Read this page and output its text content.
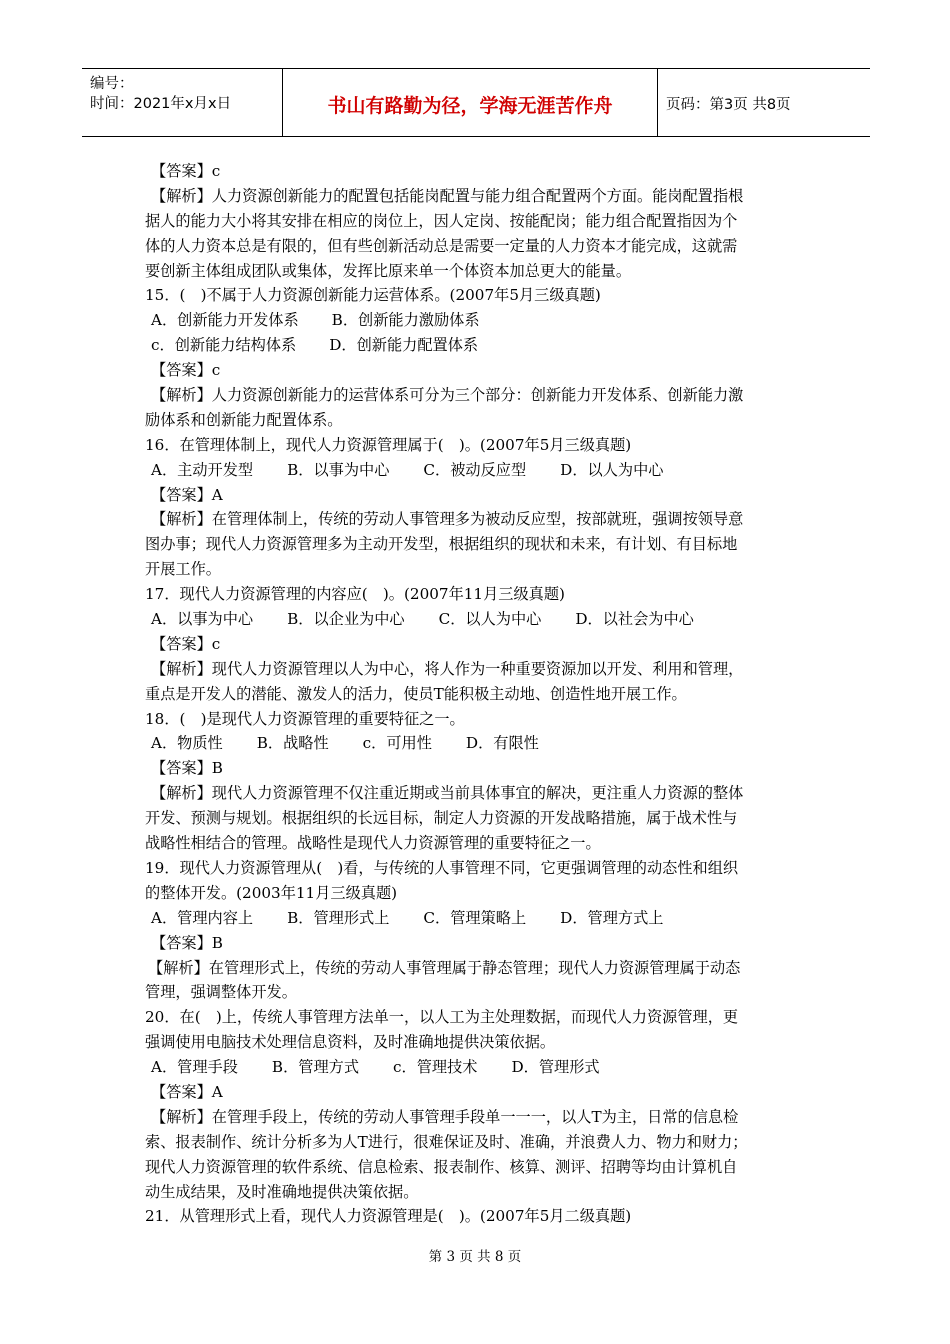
编号：
时间：2021年x月x日	书山有路勤为径，学海无涯苦作舟	页码：第3页 共8页
【答案】c
【解析】人力资源创新能力的配置包括能岗配置与能力组合配置两个方面。能岗配置指根
据人的能力大小将其安排在相应的岗位上，因人定岗、按能配岗；能力组合配置指因为个
体的人力资本总是有限的，但有些创新活动总是需要一定量的人力资本才能完成，这就需
要创新主体组成团队或集体，发挥比原来单一个体资本加总更大的能量。
15．(　)不属于人力资源创新能力运营体系。(2007年5月三级真题)
A．创新能力开发体系 B．创新能力激励体系
c．创新能力结构体系 D．创新能力配置体系
【答案】c
【解析】人力资源创新能力的运营体系可分为三个部分：创新能力开发体系、创新能力激
励体系和创新能力配置体系。
16．在管理体制上，现代人力资源管理属于(　)。(2007年5月三级真题)
A．主动开发型 B．以事为中心 C．被动反应型 D．以人为中心
【答案】A
【解析】在管理体制上，传统的劳动人事管理多为被动反应型，按部就班，强调按领导意
图办事；现代人力资源管理多为主动开发型，根据组织的现状和未来，有计划、有目标地
开展工作。
17．现代人力资源管理的内容应(　)。(2007年11月三级真题)
A．以事为中心 B．以企业为中心 C．以人为中心 D．以社会为中心
【答案】c
【解析】现代人力资源管理以人为中心，将人作为一种重要资源加以开发、利用和管理，
重点是开发人的潜能、激发人的活力，使员T能积极主动地、创造性地开展工作。
18．(　)是现代人力资源管理的重要特征之一。
A．物质性 B．战略性 c．可用性 D．有限性
【答案】B
【解析】现代人力资源管理不仅注重近期或当前具体事宜的解决，更注重人力资源的整体
开发、预测与规划。根据组织的长远目标，制定人力资源的开发战略措施，属于战术性与
战略性相结合的管理。战略性是现代人力资源管理的重要特征之一。
19．现代人力资源管理从(　)看，与传统的人事管理不同，它更强调管理的动态性和组织
的整体开发。(2003年11月三级真题)
A．管理内容上 B．管理形式上 C．管理策略上 D．管理方式上
【答案】B
【解析】在管理形式上，传统的劳动人事管理属于静态管理；现代人力资源管理属于动态
管理，强调整体开发。
20．在(　)上，传统人事管理方法单一，以人工为主处理数据，而现代人力资源管理，更
强调使用电脑技术处理信息资料，及时准确地提供决策依据。
A．管理手段 B．管理方式 c．管理技术 D．管理形式
【答案】A
【解析】在管理手段上，传统的劳动人事管理手段单一一一，以人T为主，日常的信息检
索、报表制作、统计分析多为人T进行，很难保证及时、准确，并浪费人力、物力和财力；
现代人力资源管理的软件系统、信息检索、报表制作、核算、测评、招聘等均由计算机自
动生成结果，及时准确地提供决策依据。
21．从管理形式上看，现代人力资源管理是(　)。(2007年5月二级真题)
第 3 页 共 8 页
